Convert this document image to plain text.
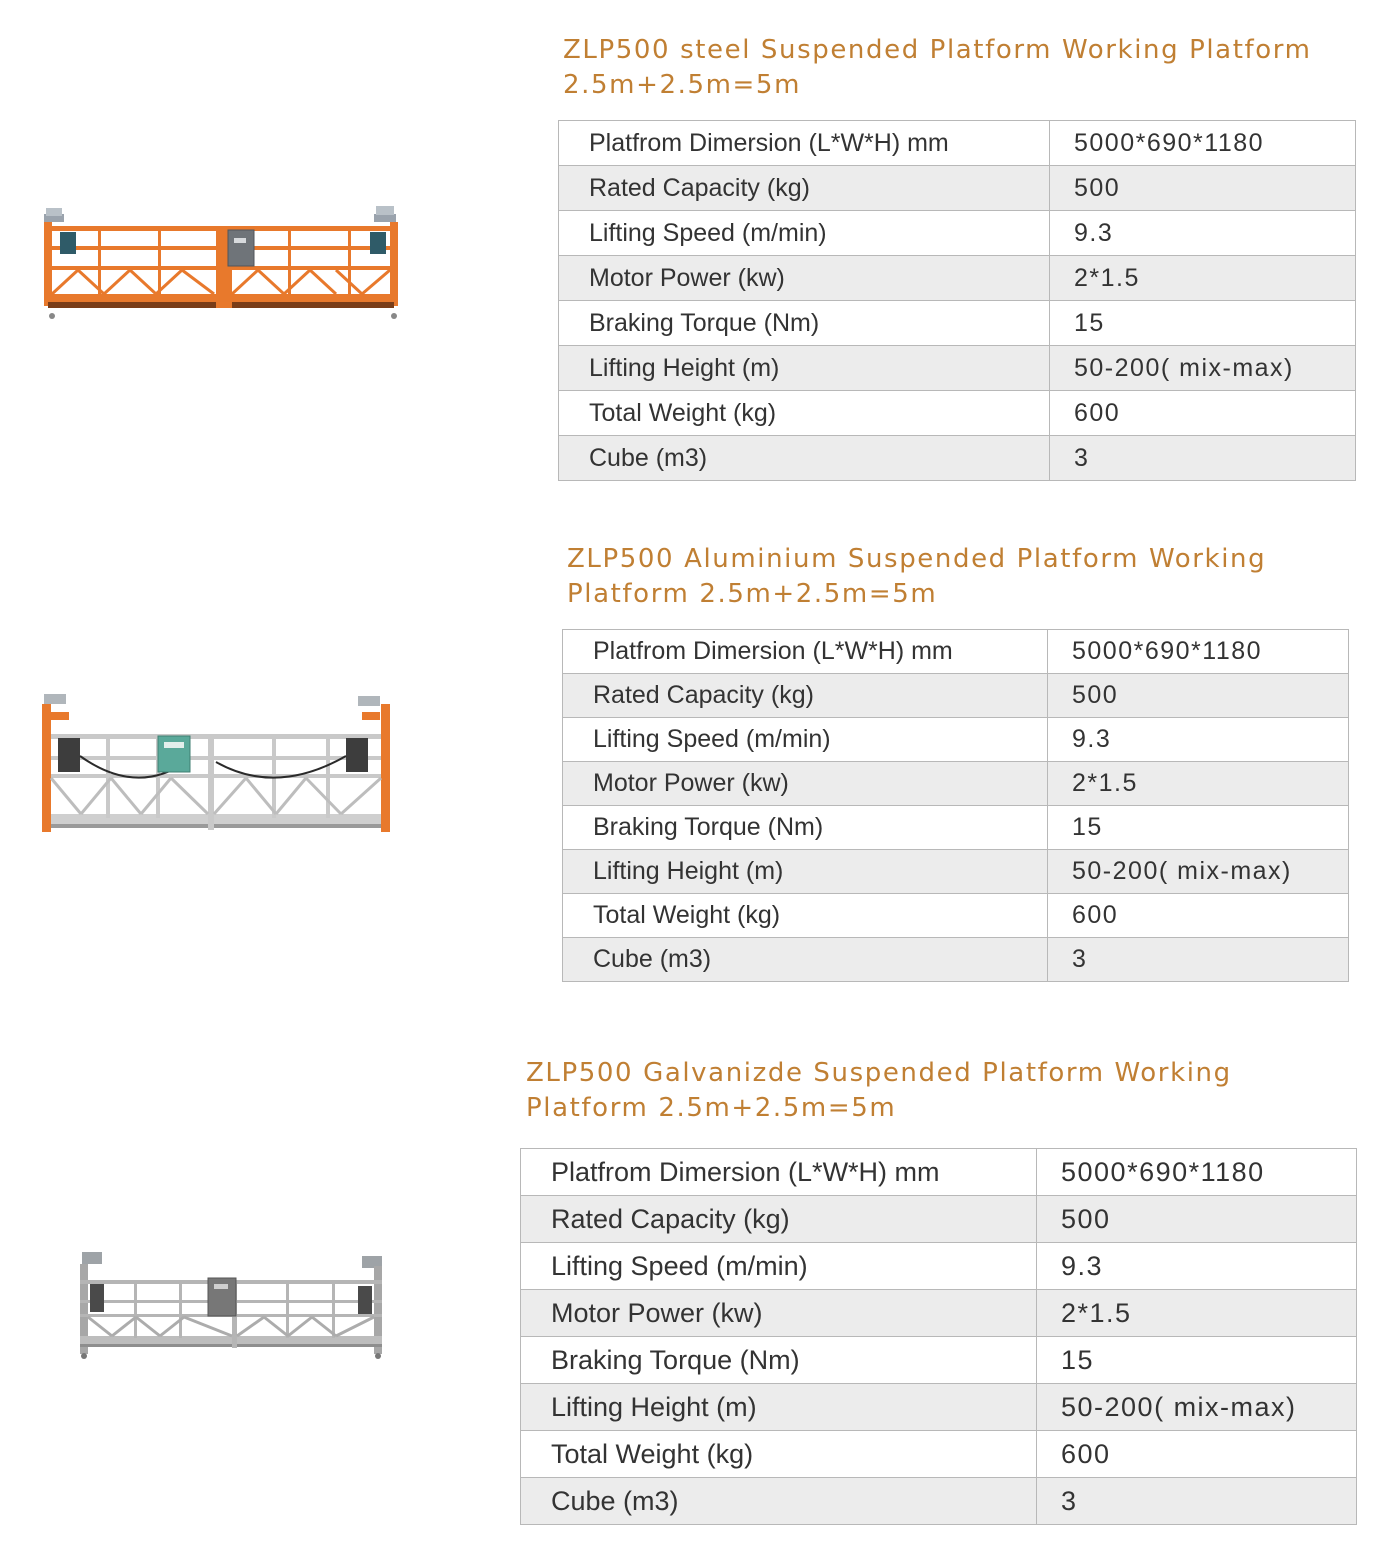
ZLP500 steel Suspended Platform Working Platform
2.5m+2.5m=5m
Platfrom Dimersion (L*W*H) mm	5000*690*1180
Rated Capacity (kg)	500
Lifting Speed (m/min)	9.3
Motor Power (kw)	2*1.5
Braking Torque (Nm)	15
Lifting Height (m)	50-200( mix-max)
Total Weight (kg)	600
Cube (m3)	3
ZLP500 Aluminium Suspended Platform Working
Platform 2.5m+2.5m=5m
Platfrom Dimersion (L*W*H) mm	5000*690*1180
Rated Capacity (kg)	500
Lifting Speed (m/min)	9.3
Motor Power (kw)	2*1.5
Braking Torque (Nm)	15
Lifting Height (m)	50-200( mix-max)
Total Weight (kg)	600
Cube (m3)	3
ZLP500 Galvanizde Suspended Platform Working
Platform 2.5m+2.5m=5m
Platfrom Dimersion (L*W*H) mm	5000*690*1180
Rated Capacity (kg)	500
Lifting Speed (m/min)	9.3
Motor Power (kw)	2*1.5
Braking Torque (Nm)	15
Lifting Height (m)	50-200( mix-max)
Total Weight (kg)	600
Cube (m3)	3
